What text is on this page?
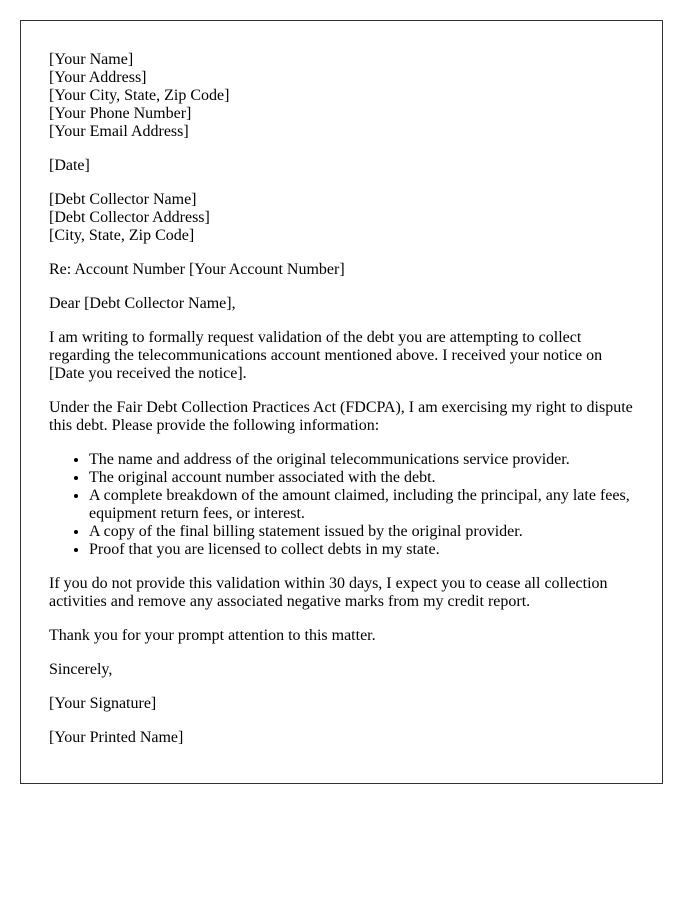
[Your Name]
[Your Address]
[Your City, State, Zip Code]
[Your Phone Number]
[Your Email Address]

[Date]

[Debt Collector Name]
[Debt Collector Address]
[City, State, Zip Code]

Re: Account Number [Your Account Number]

Dear [Debt Collector Name],

I am writing to formally request validation of the debt you are attempting to collect regarding the telecommunications account mentioned above. I received your notice on [Date you received the notice].

Under the Fair Debt Collection Practices Act (FDCPA), I am exercising my right to dispute this debt. Please provide the following information:

• The name and address of the original telecommunications service provider.
• The original account number associated with the debt.
• A complete breakdown of the amount claimed, including the principal, any late fees, equipment return fees, or interest.
• A copy of the final billing statement issued by the original provider.
• Proof that you are licensed to collect debts in my state.

If you do not provide this validation within 30 days, I expect you to cease all collection activities and remove any associated negative marks from my credit report.

Thank you for your prompt attention to this matter.

Sincerely,

[Your Signature]

[Your Printed Name]
